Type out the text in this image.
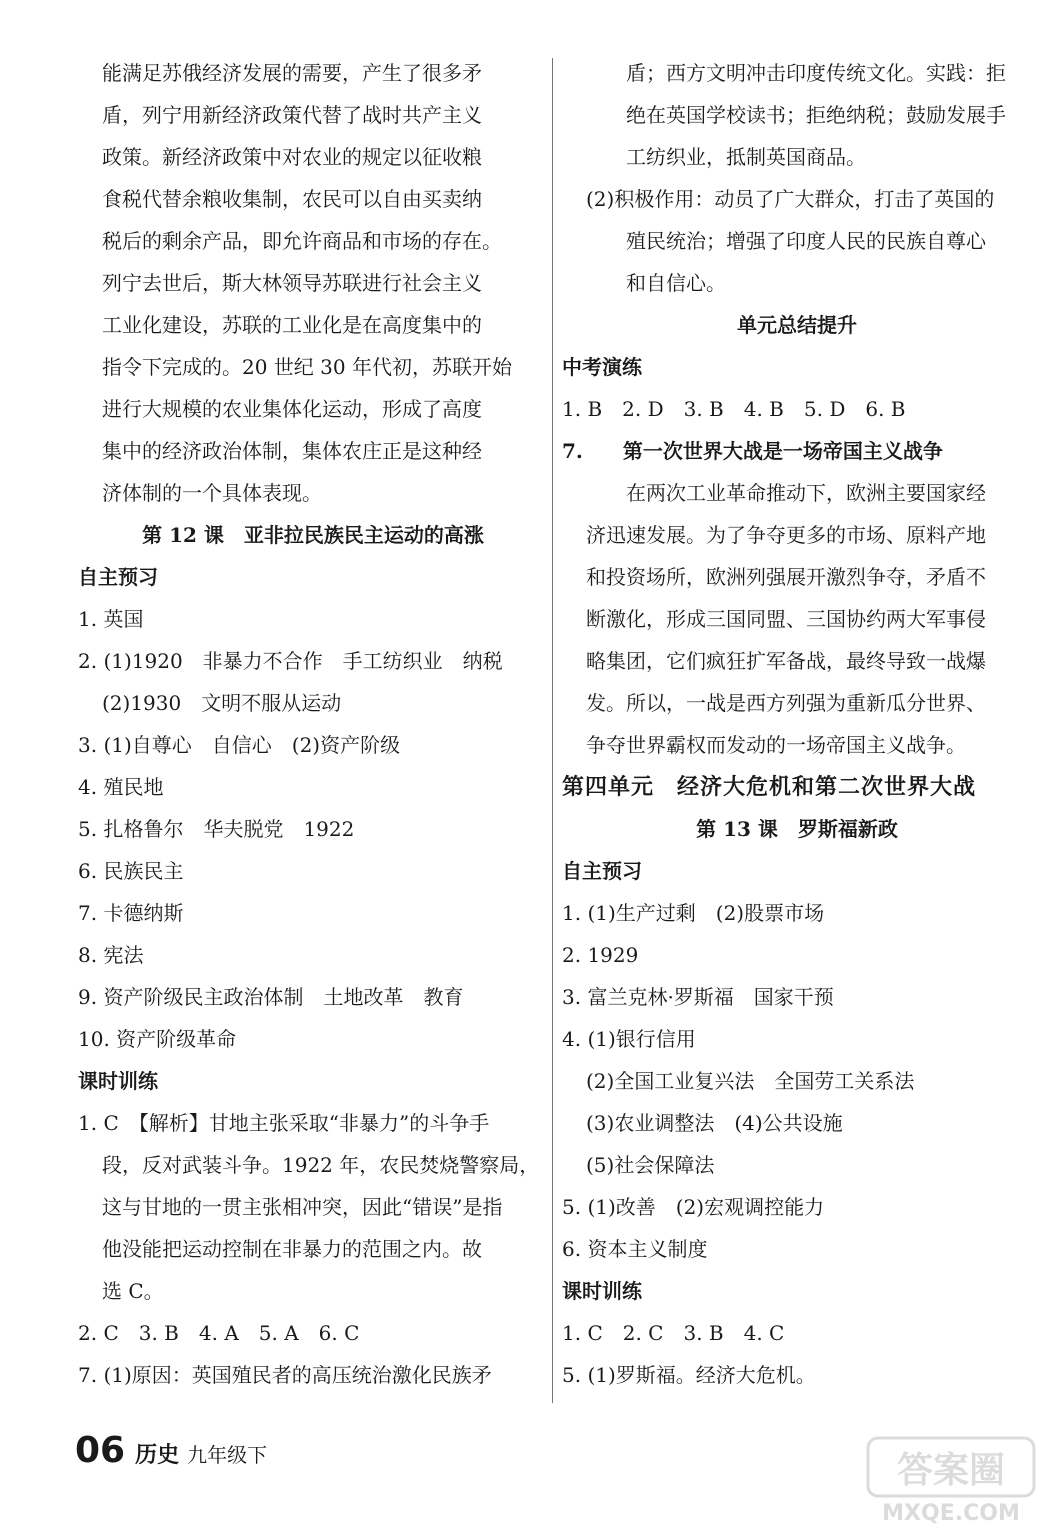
能满足苏俄经济发展的需要，产生了很多矛
盾，列宁用新经济政策代替了战时共产主义
政策。新经济政策中对农业的规定以征收粮
食税代替余粮收集制，农民可以自由买卖纳
税后的剩余产品，即允许商品和市场的存在。
列宁去世后，斯大林领导苏联进行社会主义
工业化建设，苏联的工业化是在高度集中的
指令下完成的。20 世纪 30 年代初，苏联开始
进行大规模的农业集体化运动，形成了高度
集中的经济政治体制，集体农庄正是这种经
济体制的一个具体表现。
第 12 课　亚非拉民族民主运动的高涨
自主预习
1. 英国
2. (1)1920　非暴力不合作　手工纺织业　纳税
(2)1930　文明不服从运动
3. (1)自尊心　自信心　(2)资产阶级
4. 殖民地
5. 扎格鲁尔　华夫脱党　1922
6. 民族民主
7. 卡德纳斯
8. 宪法
9. 资产阶级民主政治体制　土地改革　教育
10. 资产阶级革命
课时训练
1. C　【解析】甘地主张采取“非暴力”的斗争手
段，反对武装斗争。1922 年，农民焚烧警察局，
这与甘地的一贯主张相冲突，因此“错误”是指
他没能把运动控制在非暴力的范围之内。故
选 C。
2. C　3. B　4. A　5. A　6. C
7. (1)原因：英国殖民者的高压统治激化民族矛
盾；西方文明冲击印度传统文化。实践：拒
绝在英国学校读书；拒绝纳税；鼓励发展手
工纺织业，抵制英国商品。
(2)积极作用：动员了广大群众，打击了英国的
殖民统治；增强了印度人民的民族自尊心
和自信心。
单元总结提升
中考演练
1. B　2. D　3. B　4. B　5. D　6. B
7.　　第一次世界大战是一场帝国主义战争
在两次工业革命推动下，欧洲主要国家经
济迅速发展。为了争夺更多的市场、原料产地
和投资场所，欧洲列强展开激烈争夺，矛盾不
断激化，形成三国同盟、三国协约两大军事侵
略集团，它们疯狂扩军备战，最终导致一战爆
发。所以，一战是西方列强为重新瓜分世界、
争夺世界霸权而发动的一场帝国主义战争。
第四单元　经济大危机和第二次世界大战
第 13 课　罗斯福新政
自主预习
1. (1)生产过剩　(2)股票市场
2. 1929
3. 富兰克林·罗斯福　国家干预
4. (1)银行信用
(2)全国工业复兴法　全国劳工关系法
(3)农业调整法　(4)公共设施
(5)社会保障法
5. (1)改善　(2)宏观调控能力
6. 资本主义制度
课时训练
1. C　2. C　3. B　4. C
5. (1)罗斯福。经济大危机。
06 历史 九年级下	答案圈
MXQE.COM
